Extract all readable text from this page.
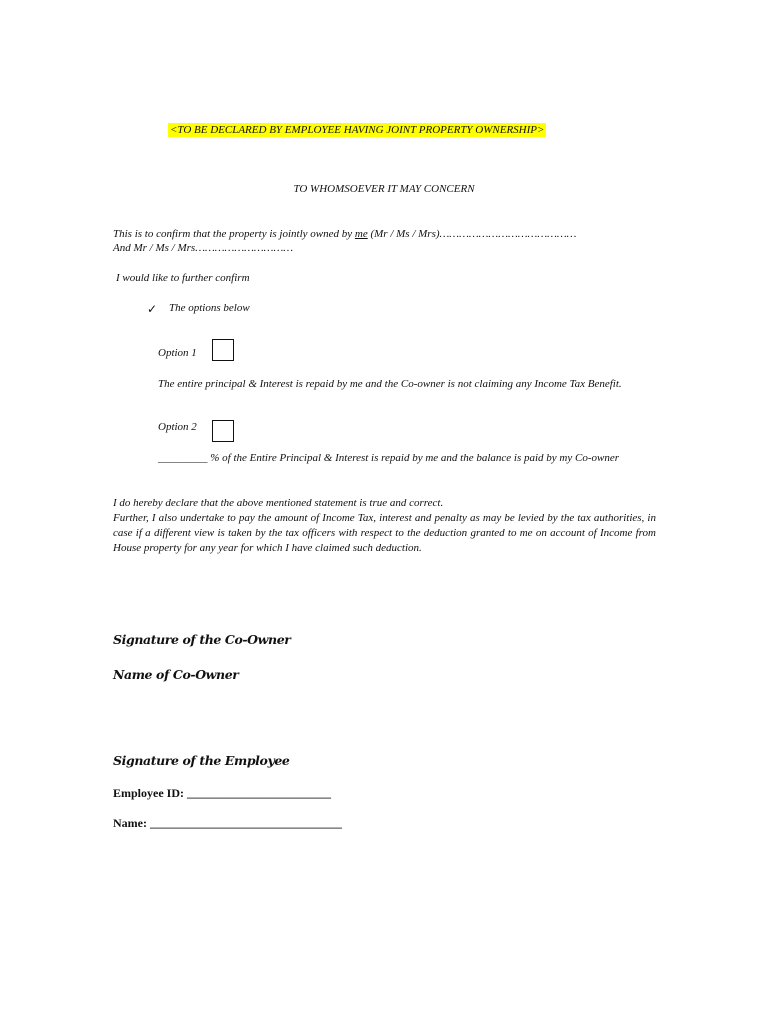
<TO BE DECLARED BY EMPLOYEE HAVING JOINT PROPERTY OWNERSHIP>
TO WHOMSOEVER IT MAY CONCERN
This is to confirm that the property is jointly owned by me (Mr / Ms / Mrs)……………………………………
And Mr / Ms / Mrs…………………………
I would like to further confirm
✓ The options below
Option 1
The entire principal & Interest is repaid by me and the Co-owner is not claiming any Income Tax Benefit.
Option 2
_________ % of the Entire Principal & Interest is repaid by me and the balance is paid by my Co-owner
I do hereby declare that the above mentioned statement is true and correct.
Further, I also undertake to pay the amount of Income Tax, interest and penalty as may be levied by the tax authorities, in case if a different view is taken by the tax officers with respect to the deduction granted to me on account of Income from House property for any year for which I have claimed such deduction.
Signature of the Co-Owner
Name of Co-Owner
Signature of the Employee
Employee ID: ________________________
Name: ________________________________
